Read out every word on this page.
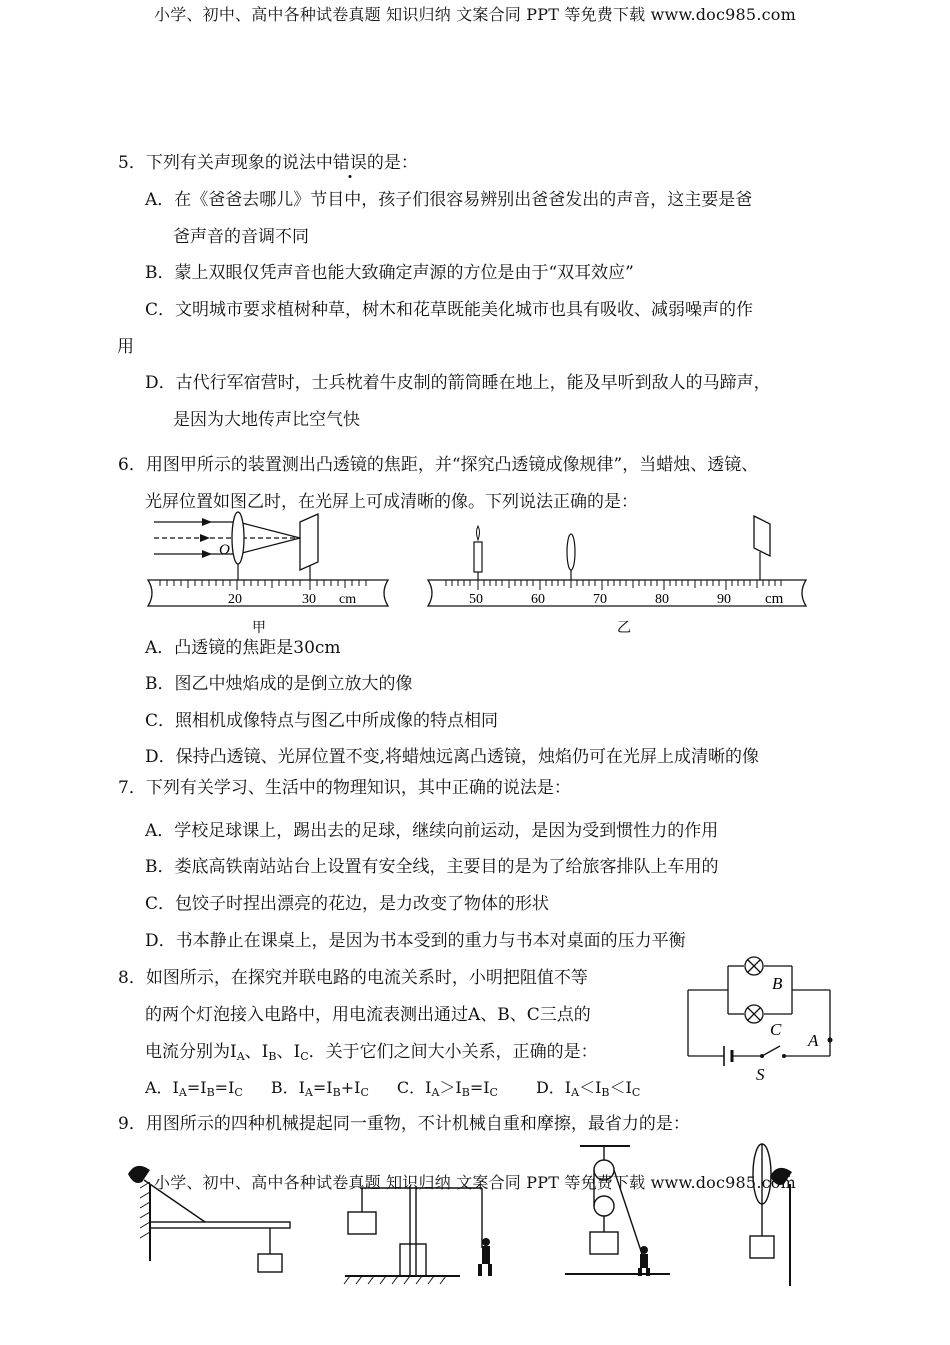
小学、初中、高中各种试卷真题 知识归纳 文案合同 PPT 等免费下载 www.doc985.com
5．下列有关声现象的说法中错误的是：
A．在《爸爸去哪儿》节目中，孩子们很容易辨别出爸爸发出的声音，这主要是爸
爸声音的音调不同
B．蒙上双眼仅凭声音也能大致确定声源的方位是由于“双耳效应”
C．文明城市要求植树种草，树木和花草既能美化城市也具有吸收、减弱噪声的作
用
D．古代行军宿营时，士兵枕着牛皮制的箭筒睡在地上，能及早听到敌人的马蹄声，
是因为大地传声比空气快
6．用图甲所示的装置测出凸透镜的焦距，并“探究凸透镜成像规律”，当蜡烛、透镜、
光屏位置如图乙时，在光屏上可成清晰的像。下列说法正确的是：
O
20	30 cm
甲
50	60	70	80	90 cm
乙
A．凸透镜的焦距是30cm
B．图乙中烛焰成的是倒立放大的像
C．照相机成像特点与图乙中所成像的特点相同
D．保持凸透镜、光屏位置不变,将蜡烛远离凸透镜，烛焰仍可在光屏上成清晰的像
7．下列有关学习、生活中的物理知识，其中正确的说法是：
A．学校足球课上，踢出去的足球，继续向前运动，是因为受到惯性力的作用
B．娄底高铁南站站台上设置有安全线，主要目的是为了给旅客排队上车用的
C．包饺子时捏出漂亮的花边，是力改变了物体的形状
D．书本静止在课桌上，是因为书本受到的重力与书本对桌面的压力平衡
8．如图所示，在探究并联电路的电流关系时，小明把阻值不等
的两个灯泡接入电路中，用电流表测出通过A、B、C三点的
电流分别为$I_A$、$I_B$、$I_C$．关于它们之间大小关系，正确的是：
A．$I_A=I_B=I_C$ B．$I_A=I_B+I_C$ C．$I_A>I_B=I_C$ D．$I_A<I_B<I_C$
B
C
A
S
9．用图所示的四种机械提起同一重物，不计机械自重和摩擦，最省力的是：
小学、初中、高中各种试卷真题 知识归纳 文案合同 PPT 等免费下载 www.doc985.com
